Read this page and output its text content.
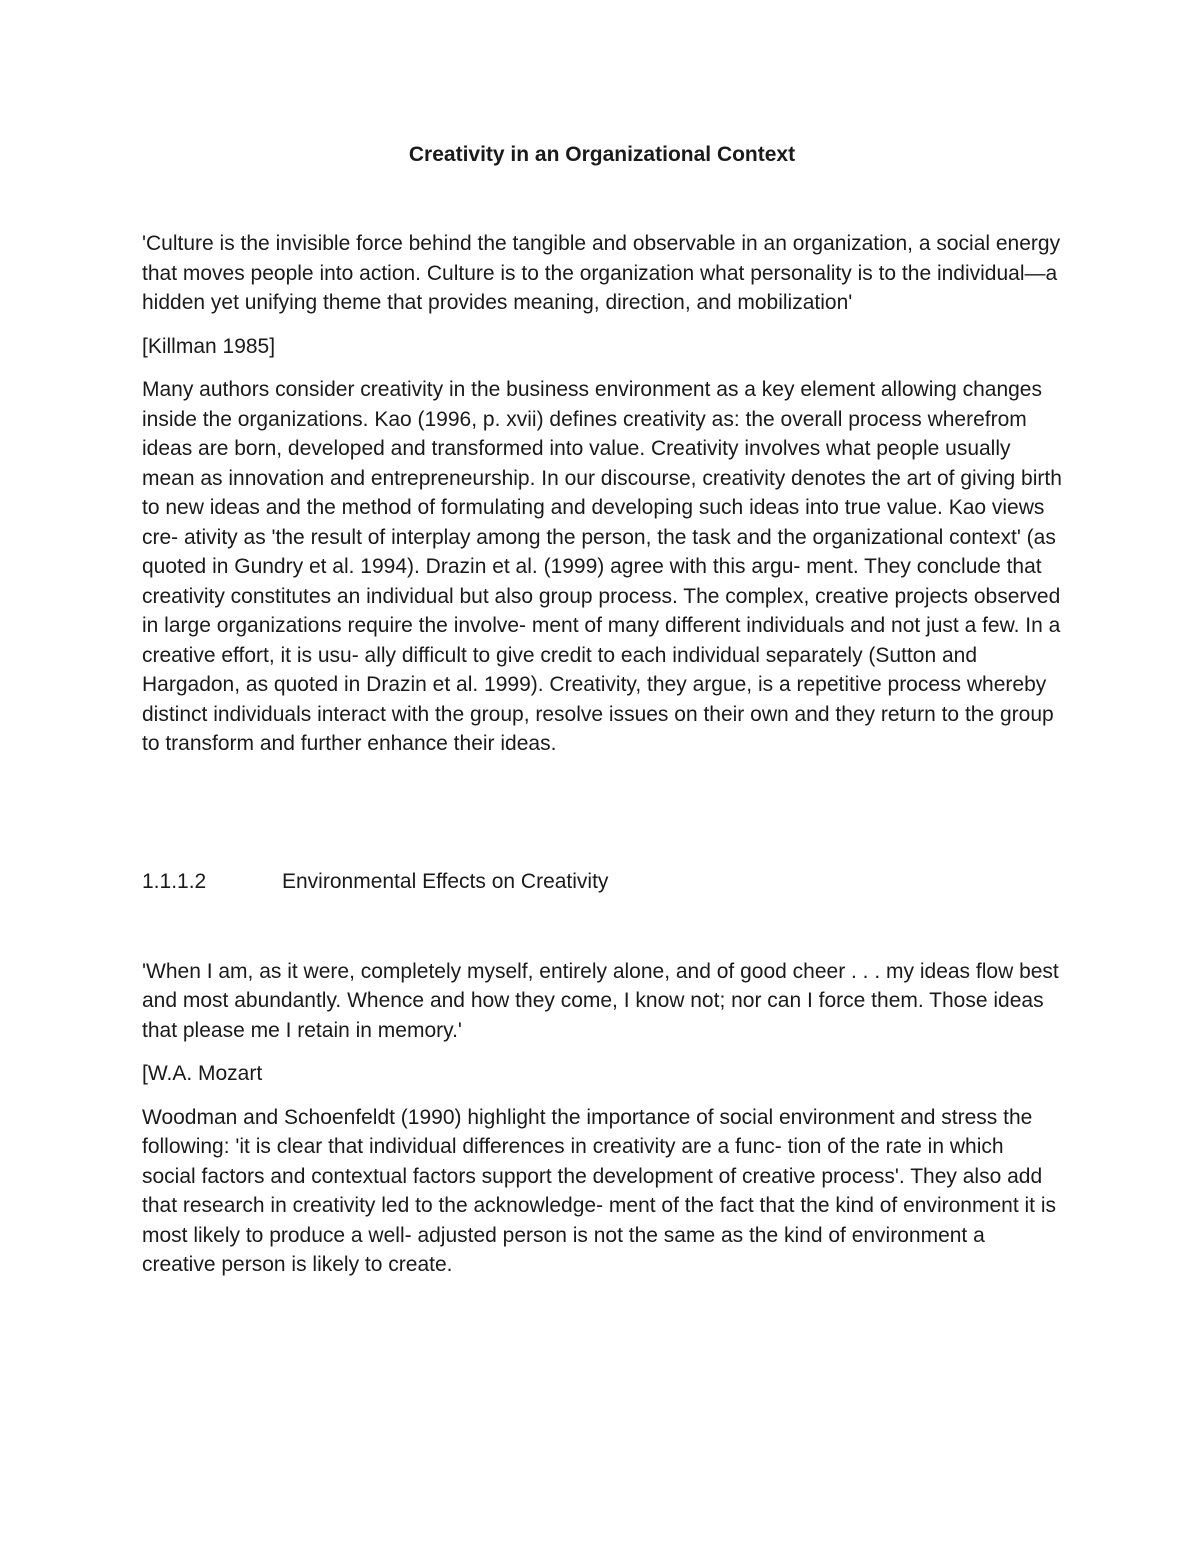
Creativity in an Organizational Context

'Culture is the invisible force behind the tangible and observable in an organization, a social energy that moves people into action. Culture is to the organization what personality is to the individual—a hidden yet unifying theme that provides meaning, direction, and mobilization'

[Killman 1985]

Many authors consider creativity in the business environment as a key element allowing changes inside the organizations. Kao (1996, p. xvii) defines creativity as: the overall process wherefrom ideas are born, developed and transformed into value. Creativity involves what people usually mean as innovation and entrepreneurship. In our discourse, creativity denotes the art of giving birth to new ideas and the method of formulating and developing such ideas into true value. Kao views cre- ativity as 'the result of interplay among the person, the task and the organizational context' (as quoted in Gundry et al. 1994). Drazin et al. (1999) agree with this argu- ment. They conclude that creativity constitutes an individual but also group process. The complex, creative projects observed in large organizations require the involve- ment of many different individuals and not just a few. In a creative effort, it is usu- ally difficult to give credit to each individual separately (Sutton and Hargadon, as quoted in Drazin et al. 1999). Creativity, they argue, is a repetitive process whereby distinct individuals interact with the group, resolve issues on their own and they return to the group to transform and further enhance their ideas.

1.1.1.2	Environmental Effects on Creativity

'When I am, as it were, completely myself, entirely alone, and of good cheer . . . my ideas flow best and most abundantly. Whence and how they come, I know not; nor can I force them. Those ideas that please me I retain in memory.'

[W.A. Mozart

Woodman and Schoenfeldt (1990) highlight the importance of social environment and stress the following: 'it is clear that individual differences in creativity are a func- tion of the rate in which social factors and contextual factors support the development of creative process'. They also add that research in creativity led to the acknowledge- ment of the fact that the kind of environment it is most likely to produce a well- adjusted person is not the same as the kind of environment a creative person is likely to create.
